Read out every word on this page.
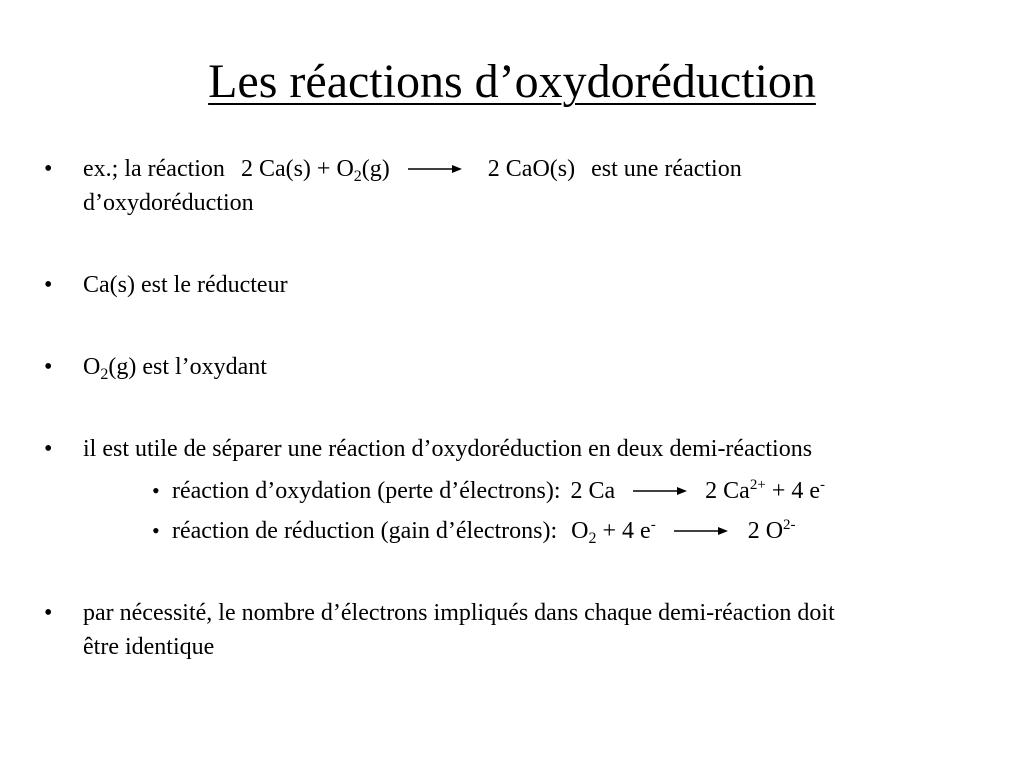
Les réactions d’oxydoréduction
• ex.; la réaction 2 $Ca(s) + O_2(g) \to 2$ CaO(s) est une réaction
d’oxydoréduction
• Ca(s) est le réducteur
• $O_2(g)$ est l’oxydant
• il est utile de séparer une réaction d’oxydoréduction en deux demi-réactions
• réaction d’oxydation (perte d’électrons): 2 Ca → 2 $Ca^{2+} + 4$ e-
• réaction de réduction (gain d’électrons): $O_2 + 4$ e- → 2 $O^{2-}$
• par nécessité, le nombre d’électrons impliqués dans chaque demi-réaction doit
être identique
